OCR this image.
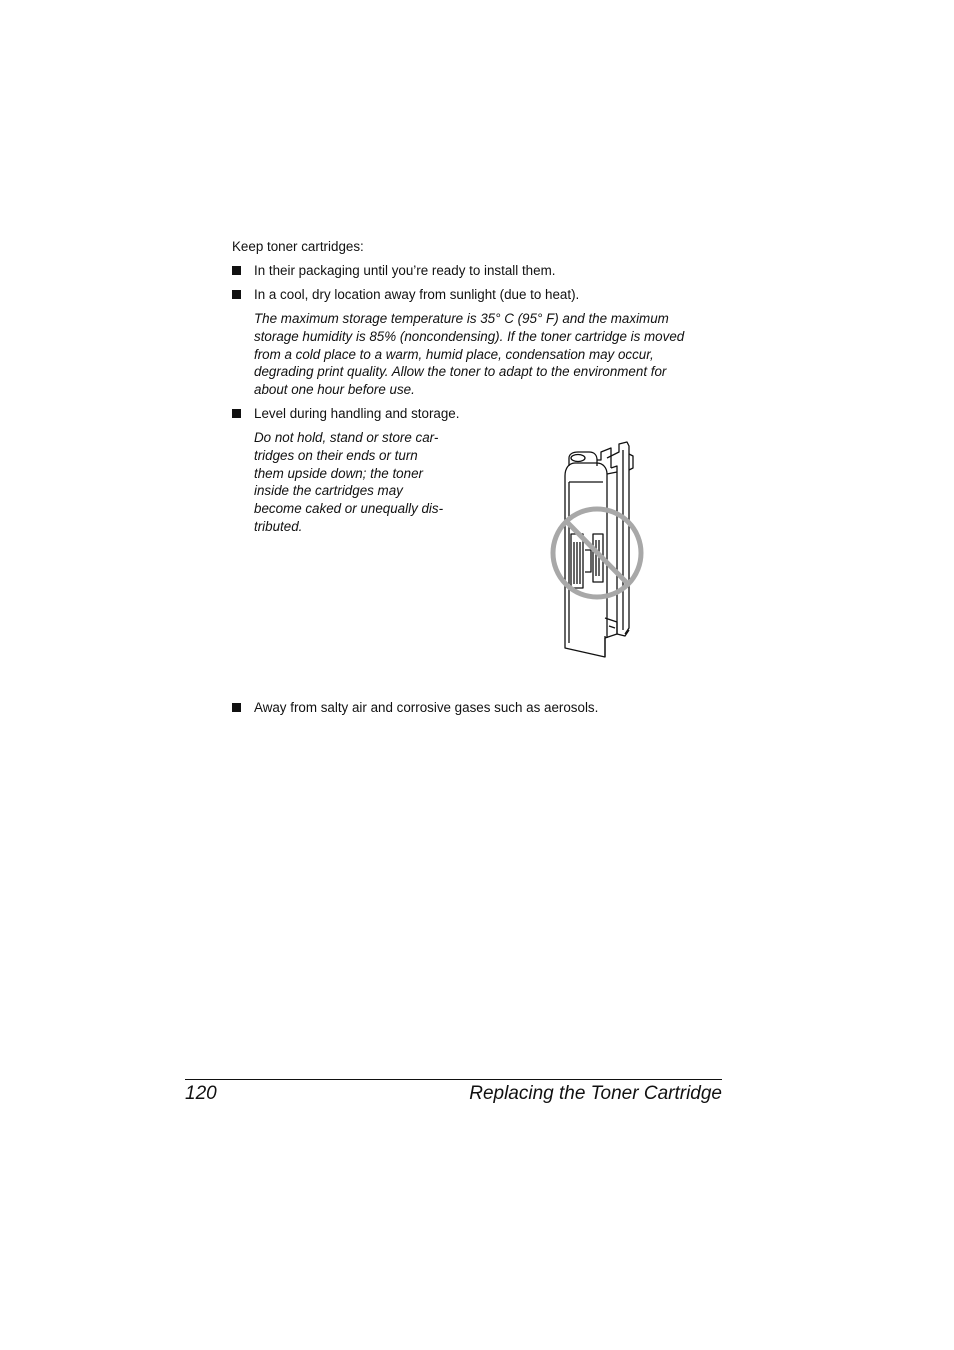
Keep toner cartridges:

In their packaging until you’re ready to install them.
In a cool, dry location away from sunlight (due to heat).
The maximum storage temperature is 35° C (95° F) and the maximum
storage humidity is 85% (noncondensing). If the toner cartridge is moved
from a cold place to a warm, humid place, condensation may occur,
degrading print quality. Allow the toner to adapt to the environment for
about one hour before use.
Level during handling and storage.
Do not hold, stand or store car-
tridges on their ends or turn
them upside down; the toner
inside the cartridges may
become caked or unequally dis-
tributed.
Away from salty air and corrosive gases such as aerosols.
120	Replacing the Toner Cartridge
